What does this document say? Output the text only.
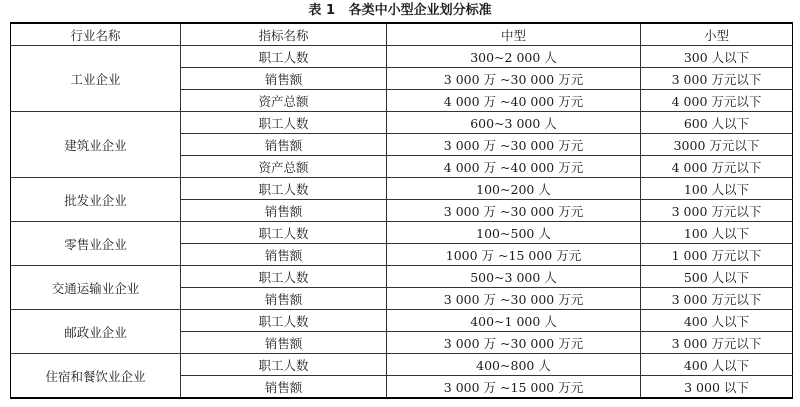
表 1   各类中小型企业划分标准
行业名称	指标名称	中型	小型
工业企业	职工人数	300~2 000 人	300 人以下
	销售额	3 000 万 ~30 000 万元	3 000 万元以下
	资产总额	4 000 万 ~40 000 万元	4 000 万元以下
建筑业企业	职工人数	600~3 000 人	600 人以下
	销售额	3 000 万 ~30 000 万元	3000 万元以下
	资产总额	4 000 万 ~40 000 万元	4 000 万元以下
批发业企业	职工人数	100~200 人	100 人以下
	销售额	3 000 万 ~30 000 万元	3 000 万元以下
零售业企业	职工人数	100~500 人	100 人以下
	销售额	1000 万 ~15 000 万元	1 000 万元以下
交通运输业企业	职工人数	500~3 000 人	500 人以下
	销售额	3 000 万 ~30 000 万元	3 000 万元以下
邮政业企业	职工人数	400~1 000 人	400 人以下
	销售额	3 000 万 ~30 000 万元	3 000 万元以下
住宿和餐饮业企业	职工人数	400~800 人	400 人以下
	销售额	3 000 万 ~15 000 万元	3 000 以下
